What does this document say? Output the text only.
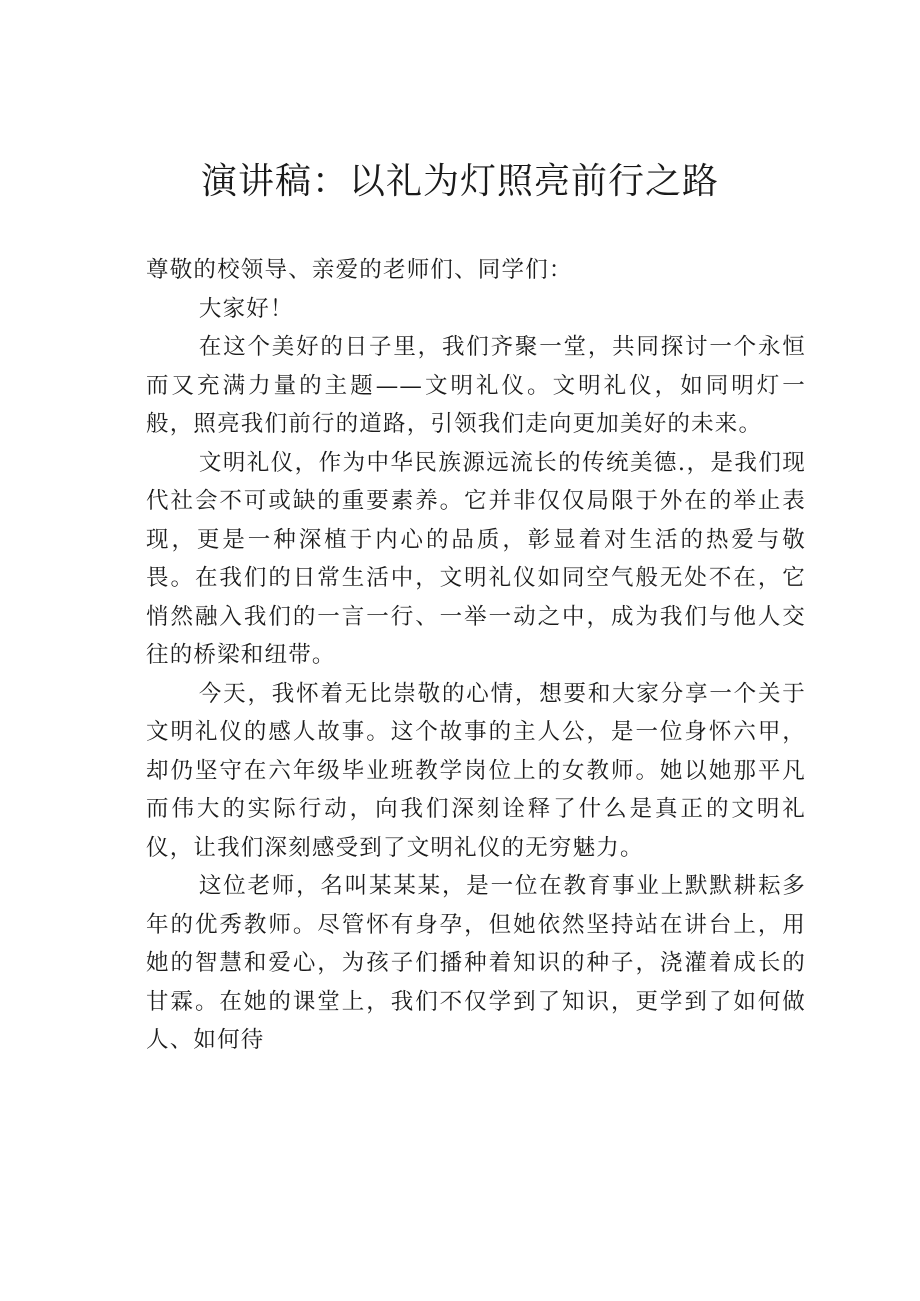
演讲稿：以礼为灯照亮前行之路

尊敬的校领导、亲爱的老师们、同学们：

大家好！

在这个美好的日子里，我们齐聚一堂，共同探讨一个永恒而又充满力量的主题——文明礼仪。文明礼仪，如同明灯一般，照亮我们前行的道路，引领我们走向更加美好的未来。

文明礼仪，作为中华民族源远流长的传统美德.，是我们现代社会不可或缺的重要素养。它并非仅仅局限于外在的举止表现，更是一种深植于内心的品质，彰显着对生活的热爱与敬畏。在我们的日常生活中，文明礼仪如同空气般无处不在，它悄然融入我们的一言一行、一举一动之中，成为我们与他人交往的桥梁和纽带。

今天，我怀着无比崇敬的心情，想要和大家分享一个关于文明礼仪的感人故事。这个故事的主人公，是一位身怀六甲，却仍坚守在六年级毕业班教学岗位上的女教师。她以她那平凡而伟大的实际行动，向我们深刻诠释了什么是真正的文明礼仪，让我们深刻感受到了文明礼仪的无穷魅力。

这位老师，名叫某某某，是一位在教育事业上默默耕耘多年的优秀教师。尽管怀有身孕，但她依然坚持站在讲台上，用她的智慧和爱心，为孩子们播种着知识的种子，浇灌着成长的甘霖。在她的课堂上，我们不仅学到了知识，更学到了如何做人、如何待
